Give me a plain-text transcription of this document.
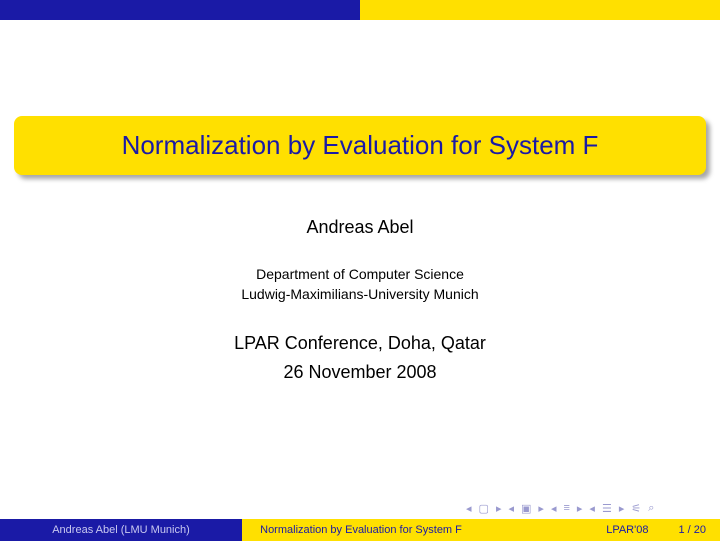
Normalization by Evaluation for System F
Andreas Abel
Department of Computer Science
Ludwig-Maximilians-University Munich
LPAR Conference, Doha, Qatar
26 November 2008
◂ ▢ ▸ ◂ ▣ ▸ ◂ ≡ ▸ ◂ ☰ ▸ ⚟ ⌕
Andreas Abel (LMU Munich)	Normalization by Evaluation for System F	LPAR'08	1 / 20
